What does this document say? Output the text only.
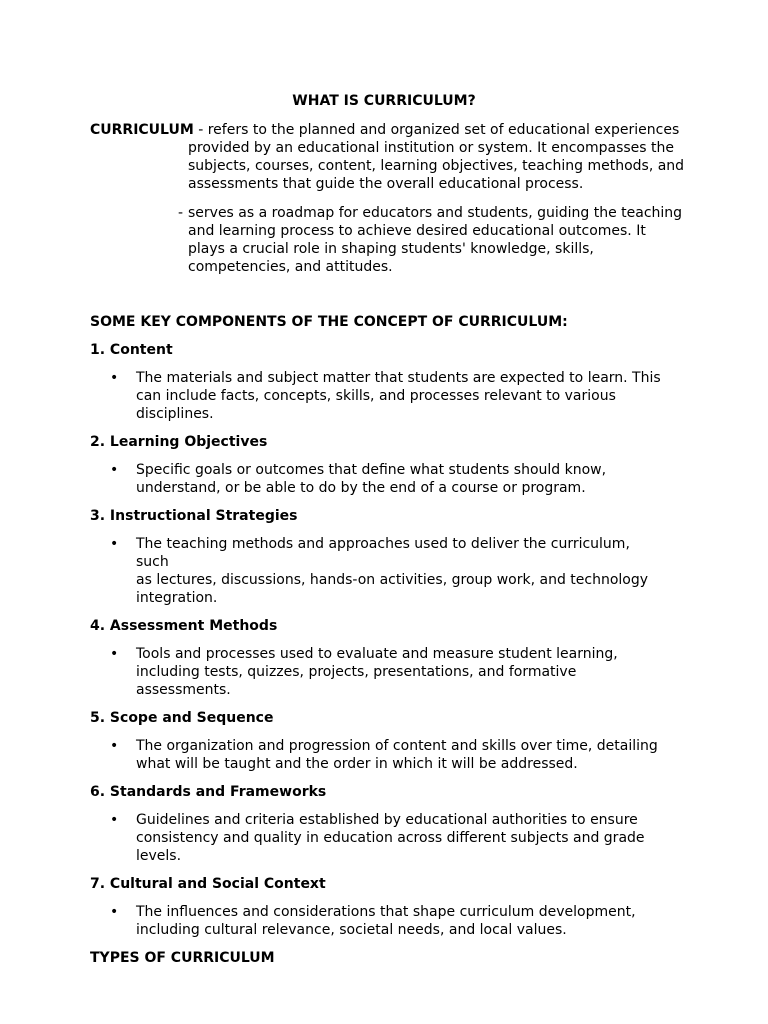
WHAT IS CURRICULUM?
CURRICULUM - refers to the planned and organized set of educational experiences
provided by an educational institution or system. It encompasses the
subjects, courses, content, learning objectives, teaching methods, and
assessments that guide the overall educational process.
- serves as a roadmap for educators and students, guiding the teaching
and learning process to achieve desired educational outcomes. It
plays a crucial role in shaping students' knowledge, skills,
competencies, and attitudes.

SOME KEY COMPONENTS OF THE CONCEPT OF CURRICULUM:

1. Content

•	The materials and subject matter that students are expected to learn. This
can include facts, concepts, skills, and processes relevant to various
disciplines.

2. Learning Objectives

•	Specific goals or outcomes that define what students should know,
understand, or be able to do by the end of a course or program.

3. Instructional Strategies

•	The teaching methods and approaches used to deliver the curriculum, such
as lectures, discussions, hands-on activities, group work, and technology
integration.

4. Assessment Methods

•	Tools and processes used to evaluate and measure student learning,
including tests, quizzes, projects, presentations, and formative assessments.

5. Scope and Sequence

•	The organization and progression of content and skills over time, detailing
what will be taught and the order in which it will be addressed.

6. Standards and Frameworks

•	Guidelines and criteria established by educational authorities to ensure
consistency and quality in education across different subjects and grade
levels.

7. Cultural and Social Context

•	The influences and considerations that shape curriculum development,
including cultural relevance, societal needs, and local values.

TYPES OF CURRICULUM
